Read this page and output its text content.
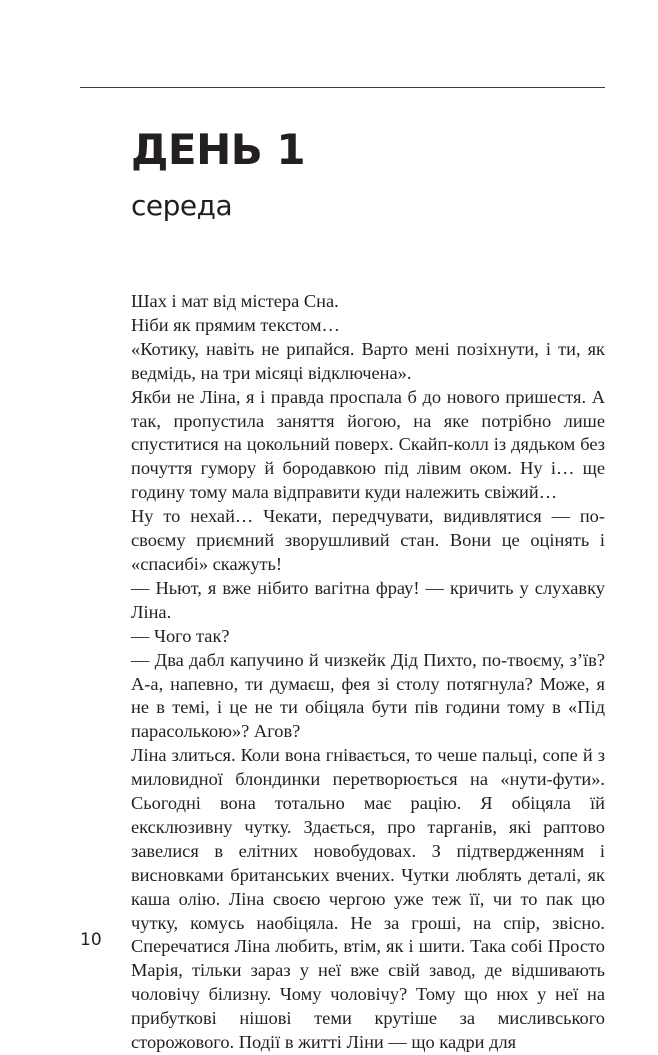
ДЕНЬ 1
середа

Шах і мат від містера Сна.

Ніби як прямим текстом…

«Котику, навіть не рипайся. Варто мені позіхнути, і ти, як ведмідь, на три місяці відключена».

Якби не Ліна, я і правда проспала б до нового пришестя. А так, пропустила заняття йогою, на яке потрібно лише спуститися на цокольний поверх. Скайп-колл із дядьком без почуття гумору й бородавкою під лівим оком. Ну і… ще годину тому мала відправити куди належить свіжий…

Ну то нехай… Чекати, передчувати, видивлятися — по-своєму приємний зворушливий стан. Вони це оцінять і «спасибі» скажуть!

— Ньют, я вже нібито вагітна фрау! — кричить у слухавку Ліна.

— Чого так?

— Два дабл капучино й чизкейк Дід Пихто, по-твоєму, з’їв? А-а, напевно, ти думаєш, фея зі столу потягнула? Може, я не в темі, і це не ти обіцяла бути пів години тому в «Під парасолькою»? Агов?

Ліна злиться. Коли вона гнівається, то чеше пальці, сопе й з миловидної блондинки перетворюється на «нути-фути». Сьогодні вона тотально має рацію. Я обіцяла їй ексклюзивну чутку. Здається, про тарганів, які раптово завелися в елітних новобудовах. З підтвердженням і висновками британських вчених. Чутки люблять деталі, як каша олію. Ліна своєю чергою уже теж її, чи то пак цю чутку, комусь наобіцяла. Не за гроші, на спір, звісно. Сперечатися Ліна любить, втім, як і шити. Така собі Просто Марія, тільки зараз у неї вже свій завод, де відшивають чоловічу білизну. Чому чоловічу? Тому що нюх у неї на прибуткові нішові теми крутіше за мисливського сторожового. Події в житті Ліни — що кадри для

10
